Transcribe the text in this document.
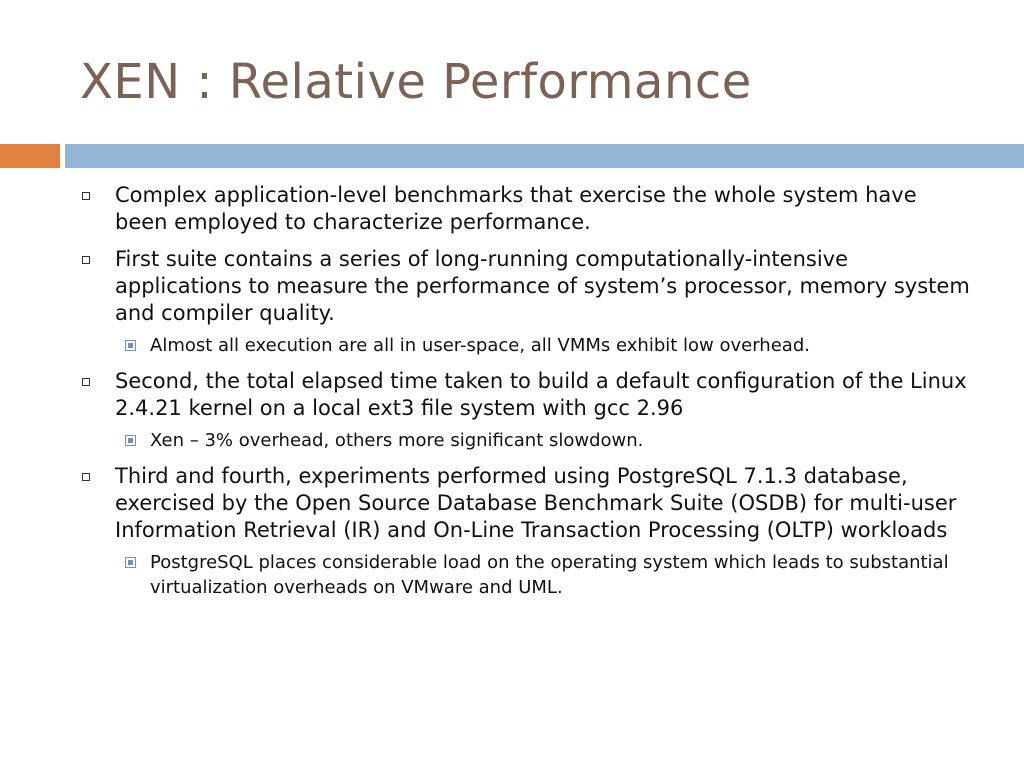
XEN : Relative Performance
Complex application-level benchmarks that exercise the whole system have been employed to characterize performance.
First suite contains a series of long-running computationally-intensive applications to measure the performance of system’s processor, memory system and compiler quality.
Almost all execution are all in user-space, all VMMs exhibit low overhead.
Second, the total elapsed time taken to build a default configuration of the Linux 2.4.21 kernel on a local ext3 file system with gcc 2.96
Xen – 3% overhead, others more significant slowdown.
Third and fourth, experiments performed using PostgreSQL 7.1.3 database, exercised by the Open Source Database Benchmark Suite (OSDB) for multi-user Information Retrieval (IR) and On-Line Transaction Processing (OLTP) workloads
PostgreSQL places considerable load on the operating system which leads to substantial virtualization overheads on VMware and UML.
